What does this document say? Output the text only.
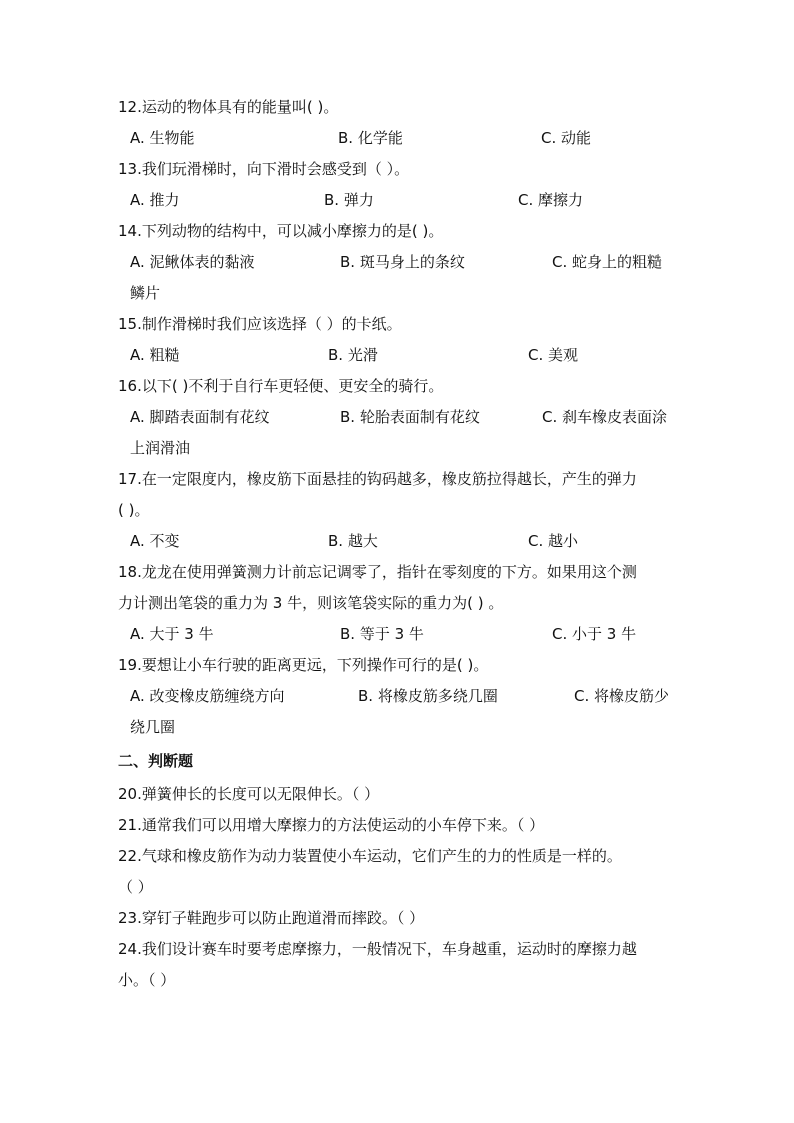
12.运动的物体具有的能量叫( )。
A. 生物能	B. 化学能	C. 动能
13.我们玩滑梯时，向下滑时会感受到（ ）。
A. 推力	B. 弹力	C. 摩擦力
14.下列动物的结构中，可以减小摩擦力的是( )。
A. 泥鳅体表的黏液	B. 斑马身上的条纹	C. 蛇身上的粗糙
鳞片
15.制作滑梯时我们应该选择（ ）的卡纸。
A. 粗糙	B. 光滑	C. 美观
16.以下( )不利于自行车更轻便、更安全的骑行。
A. 脚踏表面制有花纹	B. 轮胎表面制有花纹	C. 刹车橡皮表面涂
上润滑油
17.在一定限度内，橡皮筋下面悬挂的钩码越多，橡皮筋拉得越长，产生的弹力
( )。
A. 不变	B. 越大	C. 越小
18.龙龙在使用弹簧测力计前忘记调零了，指针在零刻度的下方。如果用这个测
力计测出笔袋的重力为 3 牛，则该笔袋实际的重力为( ) 。
A. 大于 3 牛	B. 等于 3 牛	C. 小于 3 牛
19.要想让小车行驶的距离更远，下列操作可行的是( )。
A. 改变橡皮筋缠绕方向	B. 将橡皮筋多绕几圈	C. 将橡皮筋少
绕几圈
二、判断题
20.弹簧伸长的长度可以无限伸长。（ ）
21.通常我们可以用增大摩擦力的方法使运动的小车停下来。（ ）
22.气球和橡皮筋作为动力装置使小车运动，它们产生的力的性质是一样的。
（ ）
23.穿钉子鞋跑步可以防止跑道滑而摔跤。（ ）
24.我们设计赛车时要考虑摩擦力，一般情况下，车身越重，运动时的摩擦力越
小。（ ）
